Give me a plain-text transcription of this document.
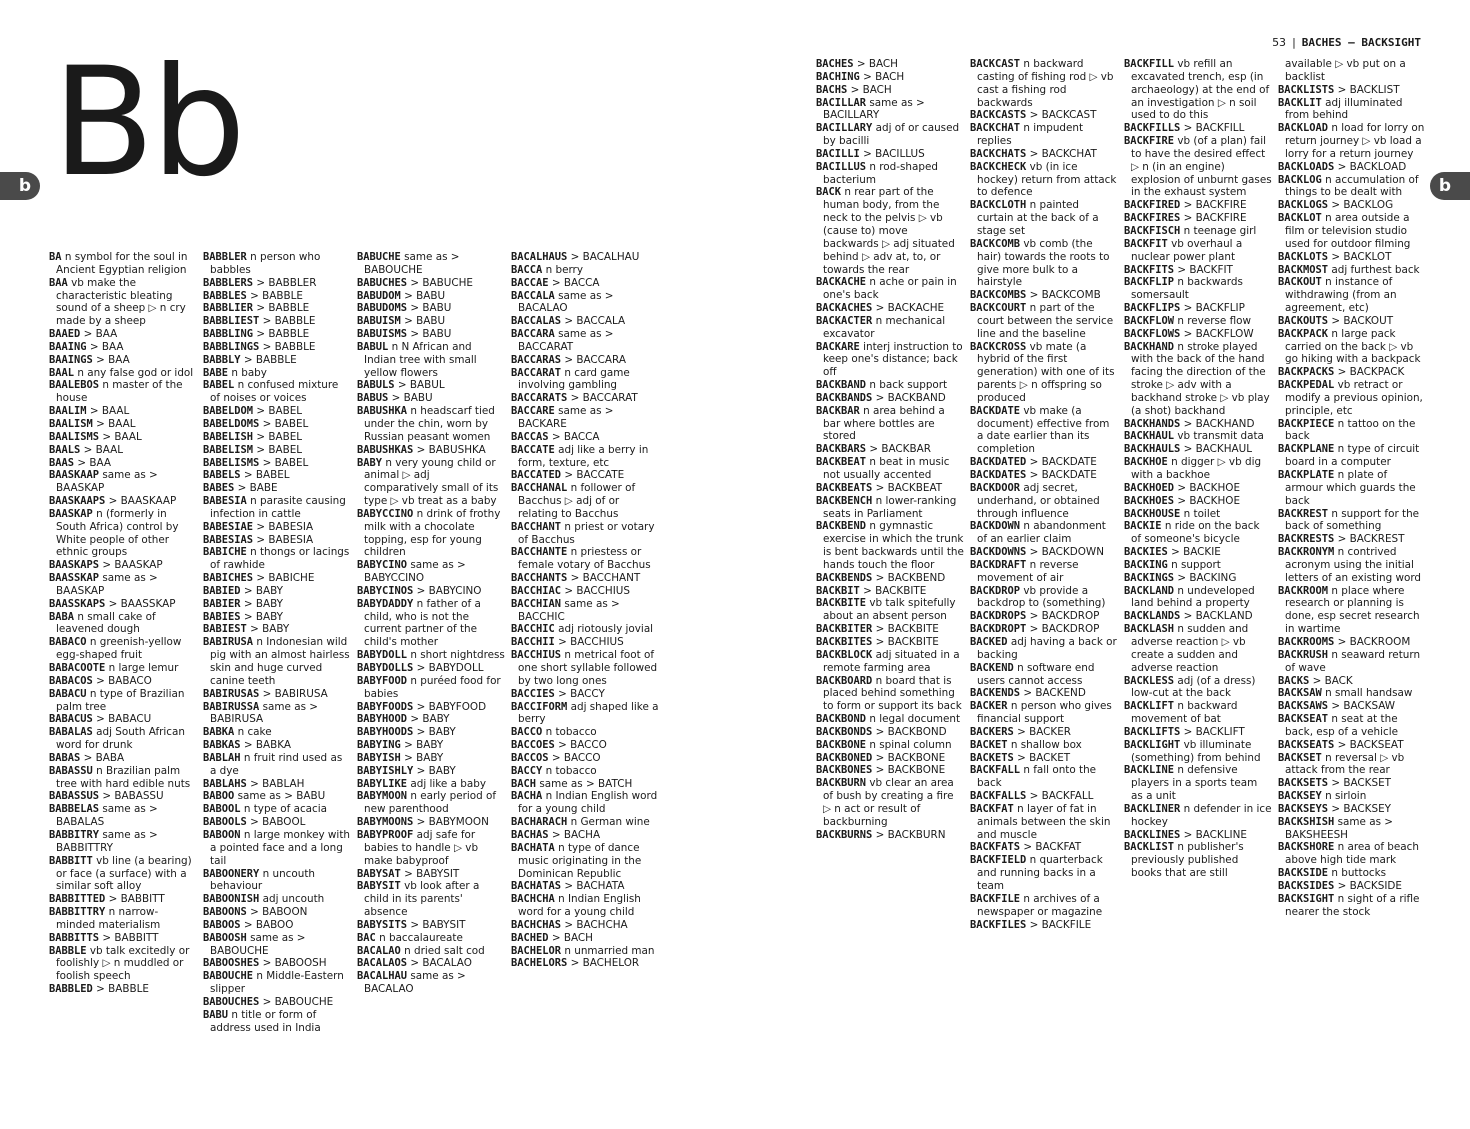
Bb
b

BA n symbol for the soul in Ancient Egyptian religion

BAA vb make the characteristic bleating sound of a sheep ▷ n cry made by a sheep

BAAED > BAA

BAAING > BAA

BAAINGS > BAA

BAAL n any false god or idol

BAALEBOS n master of the house

BAALIM > BAAL

BAALISM > BAAL

BAALISMS > BAAL

BAALS > BAAL

BAAS > BAA

BAASKAAP same as > BAASKAP

BAASKAAPS > BAASKAAP

BAASKAP n (formerly in South Africa) control by White people of other ethnic groups

BAASKAPS > BAASKAP

BAASSKAP same as > BAASKAP

BAASSKAPS > BAASSKAP

BABA n small cake of leavened dough

BABACO n greenish-yellow egg-shaped fruit

BABACOOTE n large lemur

BABACOS > BABACO

BABACU n type of Brazilian palm tree

BABACUS > BABACU

BABALAS adj South African word for drunk

BABAS > BABA

BABASSU n Brazilian palm tree with hard edible nuts

BABASSUS > BABASSU

BABBELAS same as > BABALAS

BABBITRY same as > BABBITTRY

BABBITT vb line (a bearing) or face (a surface) with a similar soft alloy

BABBITTED > BABBITT

BABBITTRY n narrow-minded materialism

BABBITTS > BABBITT

BABBLE vb talk excitedly or foolishly ▷ n muddled or foolish speech

BABBLED > BABBLE

BABBLER n person who babbles

BABBLERS > BABBLER

BABBLES > BABBLE

BABBLIER > BABBLE

BABBLIEST > BABBLE

BABBLING > BABBLE

BABBLINGS > BABBLE

BABBLY > BABBLE

BABE n baby

BABEL n confused mixture of noises or voices

BABELDOM > BABEL

BABELDOMS > BABEL

BABELISH > BABEL

BABELISM > BABEL

BABELISMS > BABEL

BABELS > BABEL

BABES > BABE

BABESIA n parasite causing infection in cattle

BABESIAE > BABESIA

BABESIAS > BABESIA

BABICHE n thongs or lacings of rawhide

BABICHES > BABICHE

BABIED > BABY

BABIER > BABY

BABIES > BABY

BABIEST > BABY

BABIRUSA n Indonesian wild pig with an almost hairless skin and huge curved canine teeth

BABIRUSAS > BABIRUSA

BABIRUSSA same as > BABIRUSA

BABKA n cake

BABKAS > BABKA

BABLAH n fruit rind used as a dye

BABLAHS > BABLAH

BABOO same as > BABU

BABOOL n type of acacia

BABOOLS > BABOOL

BABOON n large monkey with a pointed face and a long tail

BABOONERY n uncouth behaviour

BABOONISH adj uncouth

BABOONS > BABOON

BABOOS > BABOO

BABOOSH same as > BABOUCHE

BABOOSHES > BABOOSH

BABOUCHE n Middle-Eastern slipper

BABOUCHES > BABOUCHE

BABU n title or form of address used in India

BABUCHE same as > BABOUCHE

BABUCHES > BABUCHE

BABUDOM > BABU

BABUDOMS > BABU

BABUISM > BABU

BABUISMS > BABU

BABUL n N African and Indian tree with small yellow flowers

BABULS > BABUL

BABUS > BABU

BABUSHKA n headscarf tied under the chin, worn by Russian peasant women

BABUSHKAS > BABUSHKA

BABY n very young child or animal ▷ adj comparatively small of its type ▷ vb treat as a baby

BABYCCINO n drink of frothy milk with a chocolate topping, esp for young children

BABYCINO same as > BABYCCINO

BABYCINOS > BABYCINO

BABYDADDY n father of a child, who is not the current partner of the child's mother

BABYDOLL n short nightdress

BABYDOLLS > BABYDOLL

BABYFOOD n puréed food for babies

BABYFOODS > BABYFOOD

BABYHOOD > BABY

BABYHOODS > BABY

BABYING > BABY

BABYISH > BABY

BABYISHLY > BABY

BABYLIKE adj like a baby

BABYMOON n early period of new parenthood

BABYMOONS > BABYMOON

BABYPROOF adj safe for babies to handle ▷ vb make babyproof

BABYSAT > BABYSIT

BABYSIT vb look after a child in its parents' absence

BABYSITS > BABYSIT

BAC n baccalaureate

BACALAO n dried salt cod

BACALAOS > BACALAO

BACALHAU same as > BACALAO

BACALHAUS > BACALHAU

BACCA n berry

BACCAE > BACCA

BACCALA same as > BACALAO

BACCALAS > BACCALA

BACCARA same as > BACCARAT

BACCARAS > BACCARA

BACCARAT n card game involving gambling

BACCARATS > BACCARAT

BACCARE same as > BACKARE

BACCAS > BACCA

BACCATE adj like a berry in form, texture, etc

BACCATED > BACCATE

BACCHANAL n follower of Bacchus ▷ adj of or relating to Bacchus

BACCHANT n priest or votary of Bacchus

BACCHANTE n priestess or female votary of Bacchus

BACCHANTS > BACCHANT

BACCHIAC > BACCHIUS

BACCHIAN same as > BACCHIC

BACCHIC adj riotously jovial

BACCHII > BACCHIUS

BACCHIUS n metrical foot of one short syllable followed by two long ones

BACCIES > BACCY

BACCIFORM adj shaped like a berry

BACCO n tobacco

BACCOES > BACCO

BACCOS > BACCO

BACCY n tobacco

BACH same as > BATCH

BACHA n Indian English word for a young child

BACHARACH n German wine

BACHAS > BACHA

BACHATA n type of dance music originating in the Dominican Republic

BACHATAS > BACHATA

BACHCHA n Indian English word for a young child

BACHCHAS > BACHCHA

BACHED > BACH

BACHELOR n unmarried man

BACHELORS > BACHELOR

53 | BACHES – BACKSIGHT
b

BACHES > BACH

BACHING > BACH

BACHS > BACH

BACILLAR same as > BACILLARY

BACILLARY adj of or caused by bacilli

BACILLI > BACILLUS

BACILLUS n rod-shaped bacterium

BACK n rear part of the human body, from the neck to the pelvis ▷ vb (cause to) move backwards ▷ adj situated behind ▷ adv at, to, or towards the rear

BACKACHE n ache or pain in one's back

BACKACHES > BACKACHE

BACKACTER n mechanical excavator

BACKARE interj instruction to keep one's distance; back off

BACKBAND n back support

BACKBANDS > BACKBAND

BACKBAR n area behind a bar where bottles are stored

BACKBARS > BACKBAR

BACKBEAT n beat in music not usually accented

BACKBEATS > BACKBEAT

BACKBENCH n lower-ranking seats in Parliament

BACKBEND n gymnastic exercise in which the trunk is bent backwards until the hands touch the floor

BACKBENDS > BACKBEND

BACKBIT > BACKBITE

BACKBITE vb talk spitefully about an absent person

BACKBITER > BACKBITE

BACKBITES > BACKBITE

BACKBLOCK adj situated in a remote farming area

BACKBOARD n board that is placed behind something to form or support its back

BACKBOND n legal document

BACKBONDS > BACKBOND

BACKBONE n spinal column

BACKBONED > BACKBONE

BACKBONES > BACKBONE

BACKBURN vb clear an area of bush by creating a fire ▷ n act or result of backburning

BACKBURNS > BACKBURN

BACKCAST n backward casting of fishing rod ▷ vb cast a fishing rod backwards

BACKCASTS > BACKCAST

BACKCHAT n impudent replies

BACKCHATS > BACKCHAT

BACKCHECK vb (in ice hockey) return from attack to defence

BACKCLOTH n painted curtain at the back of a stage set

BACKCOMB vb comb (the hair) towards the roots to give more bulk to a hairstyle

BACKCOMBS > BACKCOMB

BACKCOURT n part of the court between the service line and the baseline

BACKCROSS vb mate (a hybrid of the first generation) with one of its parents ▷ n offspring so produced

BACKDATE vb make (a document) effective from a date earlier than its completion

BACKDATED > BACKDATE

BACKDATES > BACKDATE

BACKDOOR adj secret, underhand, or obtained through influence

BACKDOWN n abandonment of an earlier claim

BACKDOWNS > BACKDOWN

BACKDRAFT n reverse movement of air

BACKDROP vb provide a backdrop to (something)

BACKDROPS > BACKDROP

BACKDROPT > BACKDROP

BACKED adj having a back or backing

BACKEND n software end users cannot access

BACKENDS > BACKEND

BACKER n person who gives financial support

BACKERS > BACKER

BACKET n shallow box

BACKETS > BACKET

BACKFALL n fall onto the back

BACKFALLS > BACKFALL

BACKFAT n layer of fat in animals between the skin and muscle

BACKFATS > BACKFAT

BACKFIELD n quarterback and running backs in a team

BACKFILE n archives of a newspaper or magazine

BACKFILES > BACKFILE

BACKFILL vb refill an excavated trench, esp (in archaeology) at the end of an investigation ▷ n soil used to do this

BACKFILLS > BACKFILL

BACKFIRE vb (of a plan) fail to have the desired effect ▷ n (in an engine) explosion of unburnt gases in the exhaust system

BACKFIRED > BACKFIRE

BACKFIRES > BACKFIRE

BACKFISCH n teenage girl

BACKFIT vb overhaul a nuclear power plant

BACKFITS > BACKFIT

BACKFLIP n backwards somersault

BACKFLIPS > BACKFLIP

BACKFLOW n reverse flow

BACKFLOWS > BACKFLOW

BACKHAND n stroke played with the back of the hand facing the direction of the stroke ▷ adv with a backhand stroke ▷ vb play (a shot) backhand

BACKHANDS > BACKHAND

BACKHAUL vb transmit data

BACKHAULS > BACKHAUL

BACKHOE n digger ▷ vb dig with a backhoe

BACKHOED > BACKHOE

BACKHOES > BACKHOE

BACKHOUSE n toilet

BACKIE n ride on the back of someone's bicycle

BACKIES > BACKIE

BACKING n support

BACKINGS > BACKING

BACKLAND n undeveloped land behind a property

BACKLANDS > BACKLAND

BACKLASH n sudden and adverse reaction ▷ vb create a sudden and adverse reaction

BACKLESS adj (of a dress) low-cut at the back

BACKLIFT n backward movement of bat

BACKLIFTS > BACKLIFT

BACKLIGHT vb illuminate (something) from behind

BACKLINE n defensive players in a sports team as a unit

BACKLINER n defender in ice hockey

BACKLINES > BACKLINE

BACKLIST n publisher's previously published books that are still

available ▷ vb put on a backlist

BACKLISTS > BACKLIST

BACKLIT adj illuminated from behind

BACKLOAD n load for lorry on return journey ▷ vb load a lorry for a return journey

BACKLOADS > BACKLOAD

BACKLOG n accumulation of things to be dealt with

BACKLOGS > BACKLOG

BACKLOT n area outside a film or television studio used for outdoor filming

BACKLOTS > BACKLOT

BACKMOST adj furthest back

BACKOUT n instance of withdrawing (from an agreement, etc)

BACKOUTS > BACKOUT

BACKPACK n large pack carried on the back ▷ vb go hiking with a backpack

BACKPACKS > BACKPACK

BACKPEDAL vb retract or modify a previous opinion, principle, etc

BACKPIECE n tattoo on the back

BACKPLANE n type of circuit board in a computer

BACKPLATE n plate of armour which guards the back

BACKREST n support for the back of something

BACKRESTS > BACKREST

BACKRONYM n contrived acronym using the initial letters of an existing word

BACKROOM n place where research or planning is done, esp secret research in wartime

BACKROOMS > BACKROOM

BACKRUSH n seaward return of wave

BACKS > BACK

BACKSAW n small handsaw

BACKSAWS > BACKSAW

BACKSEAT n seat at the back, esp of a vehicle

BACKSEATS > BACKSEAT

BACKSET n reversal ▷ vb attack from the rear

BACKSETS > BACKSET

BACKSEY n sirloin

BACKSEYS > BACKSEY

BACKSHISH same as > BAKSHEESH

BACKSHORE n area of beach above high tide mark

BACKSIDE n buttocks

BACKSIDES > BACKSIDE

BACKSIGHT n sight of a rifle nearer the stock
